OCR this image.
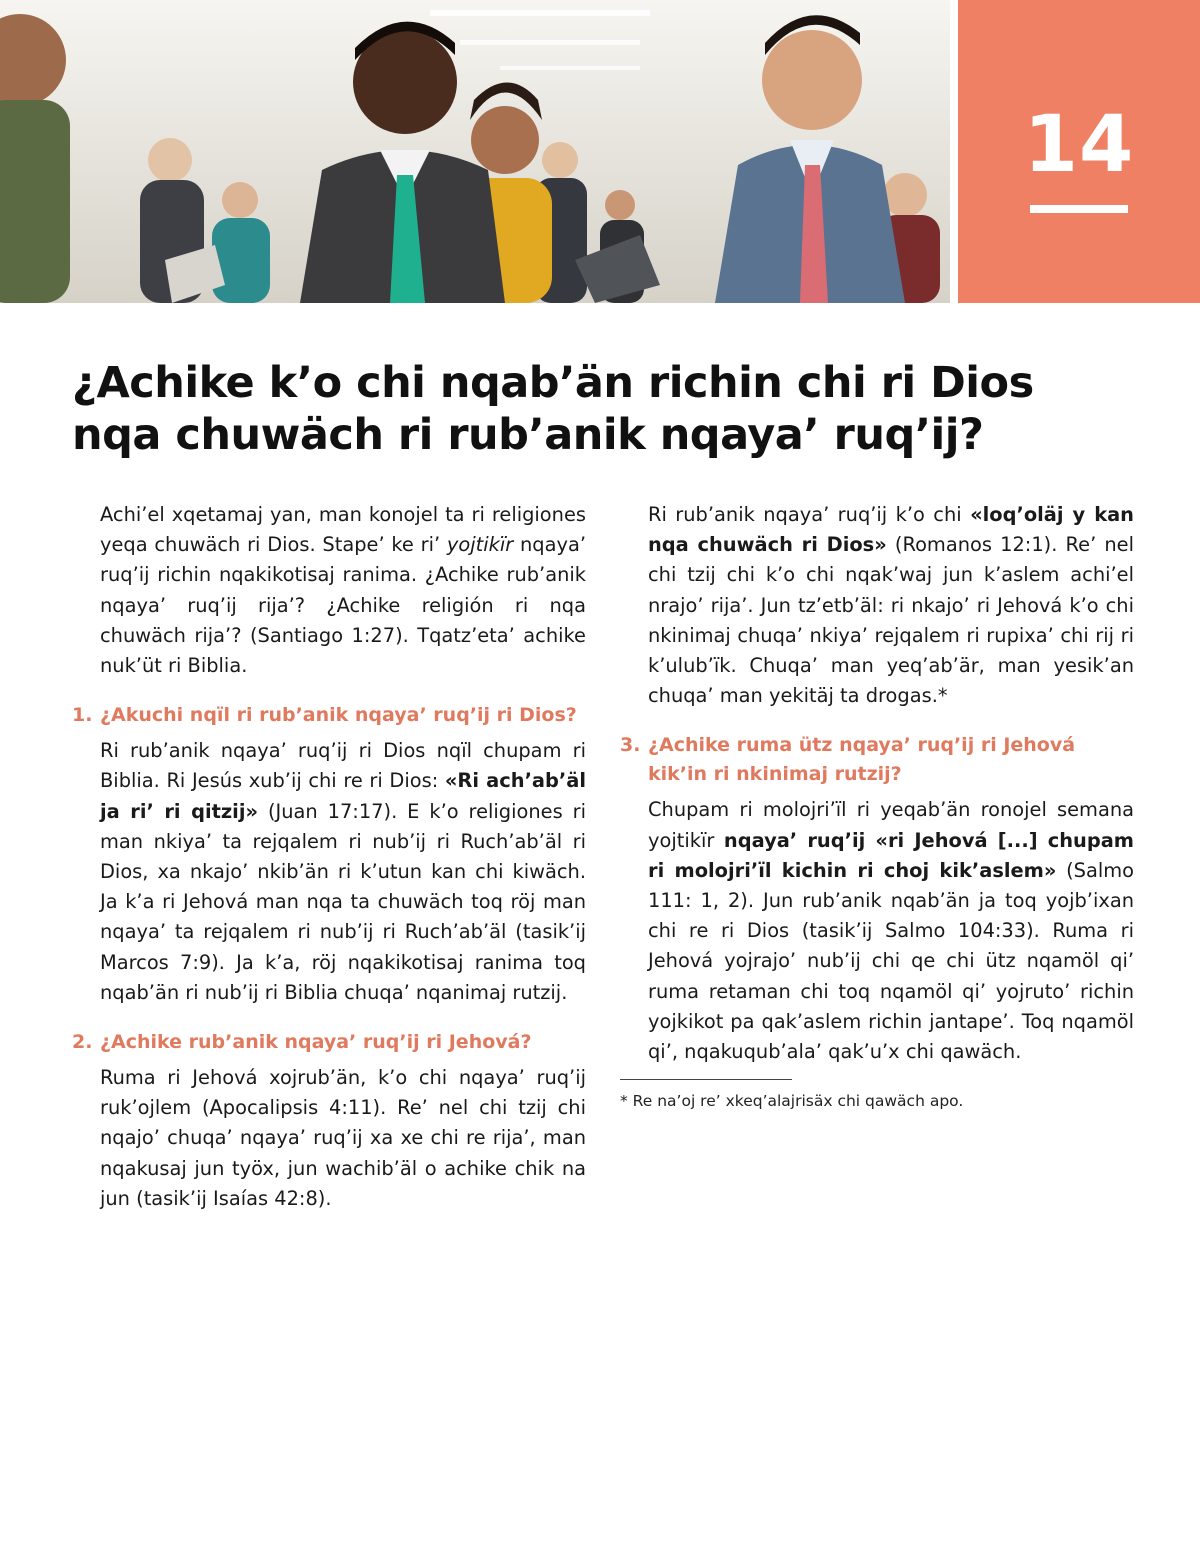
14
¿Achike k’o chi nqab’än richin chi ri Dios nqa chuwäch ri rub’anik nqaya’ ruq’ij?

Achi’el xqetamaj yan, man konojel ta ri religiones yeqa chuwäch ri Dios. Stape’ ke ri’ yojtikïr nqaya’ ruq’ij richin nqakikotisaj ranima. ¿Achike rub’anik nqaya’ ruq’ij rija’? ¿Achike religión ri nqa chuwäch rija’? (Santiago 1:27). Tqatz’eta’ achike nuk’üt ri Biblia.

1. ¿Akuchi nqïl ri rub’anik nqaya’ ruq’ij ri Dios?

Ri rub’anik nqaya’ ruq’ij ri Dios nqïl chupam ri Biblia. Ri Jesús xub’ij chi re ri Dios: «Ri ach’ab’äl ja ri’ ri qitzij» (Juan 17:17). E k’o religiones ri man nkiya’ ta rejqalem ri nub’ij ri Ruch’ab’äl ri Dios, xa nkajo’ nkib’än ri k’utun kan chi kiwäch. Ja k’a ri Jehová man nqa ta chuwäch toq röj man nqaya’ ta rejqalem ri nub’ij ri Ruch’ab’äl (tasik’ij Marcos 7:9). Ja k’a, röj nqakikotisaj ranima toq nqab’än ri nub’ij ri Biblia chuqa’ nqanimaj rutzij.

2. ¿Achike rub’anik nqaya’ ruq’ij ri Jehová?

Ruma ri Jehová xojrub’än, k’o chi nqaya’ ruq’ij ruk’ojlem (Apocalipsis 4:11). Re’ nel chi tzij chi nqajo’ chuqa’ nqaya’ ruq’ij xa xe chi re rija’, man nqakusaj jun työx, jun wachib’äl o achike chik na jun (tasik’ij Isaías 42:8).

Ri rub’anik nqaya’ ruq’ij k’o chi «loq’oläj y kan nqa chuwäch ri Dios» (Romanos 12:1). Re’ nel chi tzij chi k’o chi nqak’waj jun k’aslem achi’el nrajo’ rija’. Jun tz’etb’äl: ri nkajo’ ri Jehová k’o chi nkinimaj chuqa’ nkiya’ rejqalem ri rupixa’ chi rij ri k’ulub’ïk. Chuqa’ man yeq’ab’är, man yesik’an chuqa’ man yekitäj ta drogas.*

3. ¿Achike ruma ütz nqaya’ ruq’ij ri Jehová kik’in ri nkinimaj rutzij?

Chupam ri molojri’ïl ri yeqab’än ronojel semana yojtikïr nqaya’ ruq’ij «ri Jehová [...] chupam ri molojri’ïl kichin ri choj kik’aslem» (Salmo 111: 1, 2). Jun rub’anik nqab’än ja toq yojb’ixan chi re ri Dios (tasik’ij Salmo 104:33). Ruma ri Jehová yojrajo’ nub’ij chi qe chi ütz nqamöl qi’ ruma retaman chi toq nqamöl qi’ yojruto’ richin yojkikot pa qak’aslem richin jantape’. Toq nqamöl qi’, nqakuqub’ala’ qak’u’x chi qawäch.

* Re na’oj re’ xkeq’alajrisäx chi qawäch apo.
